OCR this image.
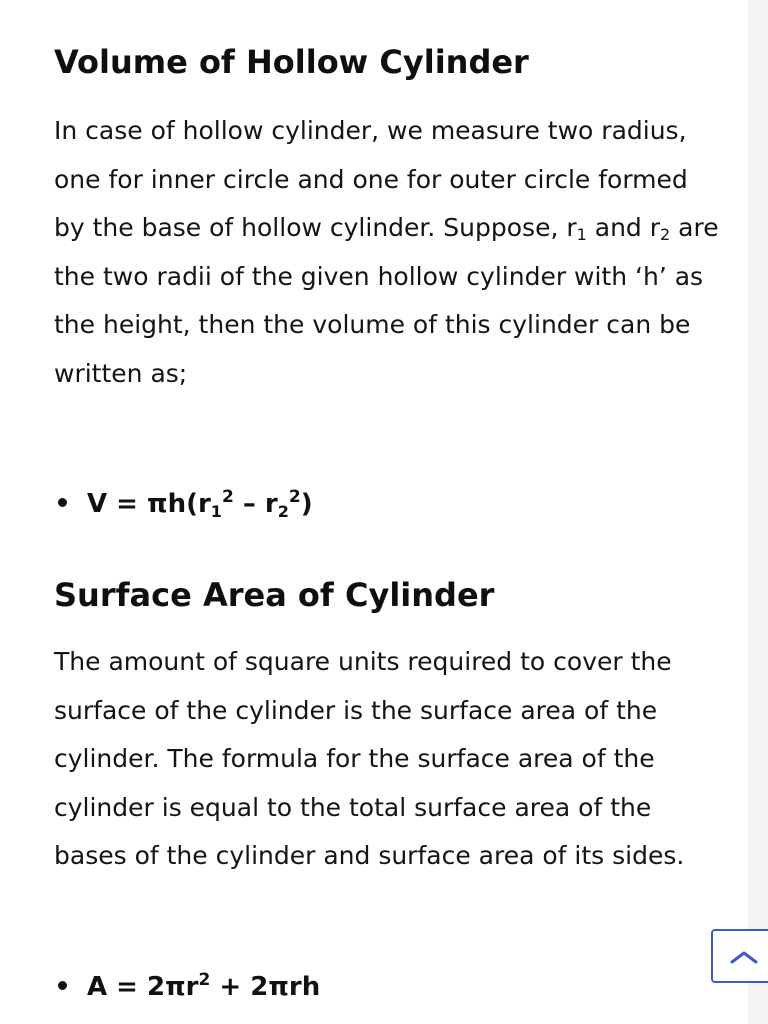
Volume of Hollow Cylinder

In case of hollow cylinder, we measure two radius, one for inner circle and one for outer circle formed by the base of hollow cylinder. Suppose, $r_1$ and $r_2$ are the two radii of the given hollow cylinder with ‘h’ as the height, then the volume of this cylinder can be written as;

Surface Area of Cylinder

The amount of square units required to cover the surface of the cylinder is the surface area of the cylinder. The formula for the surface area of the cylinder is equal to the total surface area of the bases of the cylinder and surface area of its sides.

$V = \pi h(r_1^2 - r_2^2)$
$A = 2\pi r^2 + 2\pi rh$
